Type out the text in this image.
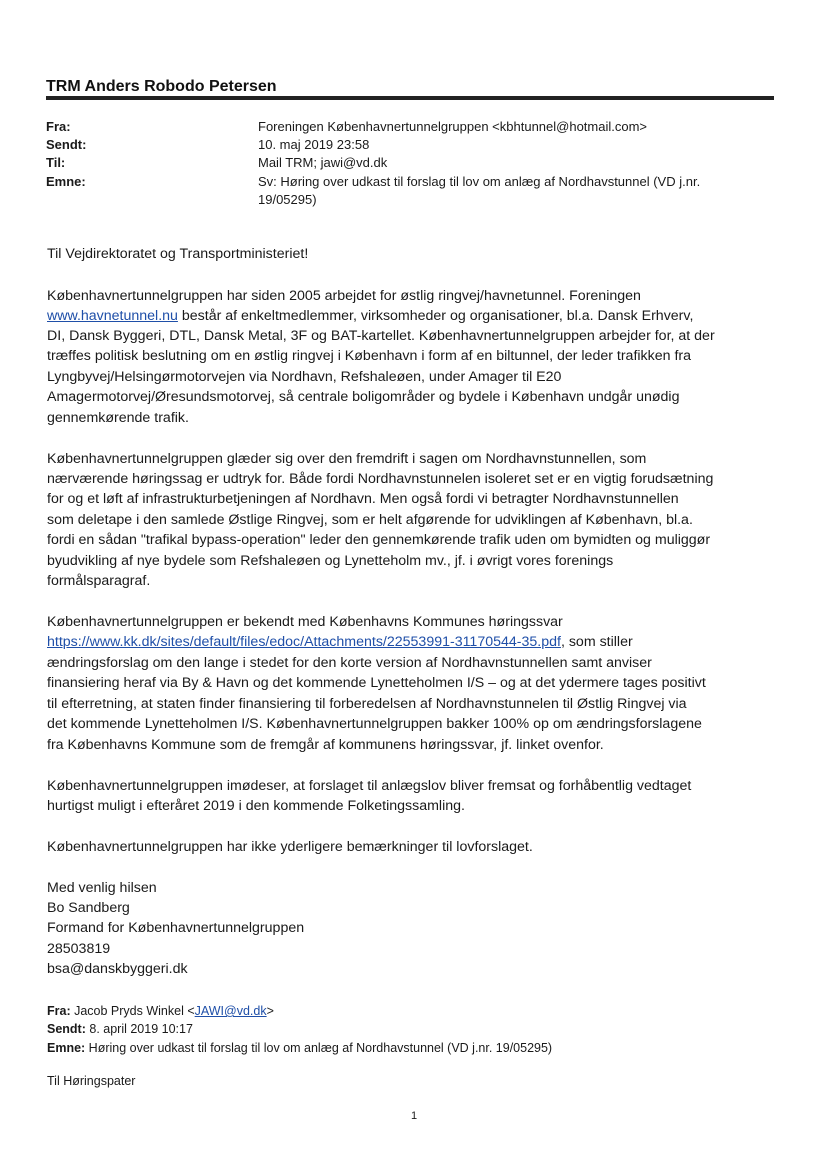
TRM Anders Robodo Petersen
Fra:	Foreningen Københavnertunnelgruppen <kbhtunnel@hotmail.com>
Sendt:	10. maj 2019 23:58
Til:	Mail TRM; jawi@vd.dk
Emne:	Sv: Høring over udkast til forslag til lov om anlæg af Nordhavstunnel (VD j.nr.
19/05295)

Til Vejdirektoratet og Transportministeriet!

Københavnertunnelgruppen har siden 2005 arbejdet for østlig ringvej/havnetunnel. Foreningen

www.havnetunnel.nu består af enkeltmedlemmer, virksomheder og organisationer, bl.a. Dansk Erhverv,

DI, Dansk Byggeri, DTL, Dansk Metal, 3F og BAT-kartellet. Københavnertunnelgruppen arbejder for, at der

træffes politisk beslutning om en østlig ringvej i København i form af en biltunnel, der leder trafikken fra

Lyngbyvej/Helsingørmotorvejen via Nordhavn, Refshaleøen, under Amager til E20

Amagermotorvej/Øresundsmotorvej, så centrale boligområder og bydele i København undgår unødig

gennemkørende trafik.

Københavnertunnelgruppen glæder sig over den fremdrift i sagen om Nordhavnstunnellen, som

nærværende høringssag er udtryk for. Både fordi Nordhavnstunnelen isoleret set er en vigtig forudsætning

for og et løft af infrastrukturbetjeningen af Nordhavn. Men også fordi vi betragter Nordhavnstunnellen

som deletape i den samlede Østlige Ringvej, som er helt afgørende for udviklingen af København, bl.a.

fordi en sådan "trafikal bypass-operation" leder den gennemkørende trafik uden om bymidten og muliggør

byudvikling af nye bydele som Refshaleøen og Lynetteholm mv., jf. i øvrigt vores forenings

formålsparagraf.

Københavnertunnelgruppen er bekendt med Københavns Kommunes høringssvar

https://www.kk.dk/sites/default/files/edoc/Attachments/22553991-31170544-35.pdf, som stiller

ændringsforslag om den lange i stedet for den korte version af Nordhavnstunnellen samt anviser

finansiering heraf via By & Havn og det kommende Lynetteholmen I/S – og at det ydermere tages positivt

til efterretning, at staten finder finansiering til forberedelsen af Nordhavnstunnelen til Østlig Ringvej via

det kommende Lynetteholmen I/S. Københavnertunnelgruppen bakker 100% op om ændringsforslagene

fra Københavns Kommune som de fremgår af kommunens høringssvar, jf. linket ovenfor.

Københavnertunnelgruppen imødeser, at forslaget til anlægslov bliver fremsat og forhåbentlig vedtaget

hurtigst muligt i efteråret 2019 i den kommende Folketingssamling.

Københavnertunnelgruppen har ikke yderligere bemærkninger til lovforslaget.

Med venlig hilsen

Bo Sandberg

Formand for Københavnertunnelgruppen

28503819

bsa@danskbyggeri.dk

Fra: Jacob Pryds Winkel <JAWI@vd.dk>
Sendt: 8. april 2019 10:17
Emne: Høring over udkast til forslag til lov om anlæg af Nordhavstunnel (VD j.nr. 19/05295)
Til Høringspater
1
